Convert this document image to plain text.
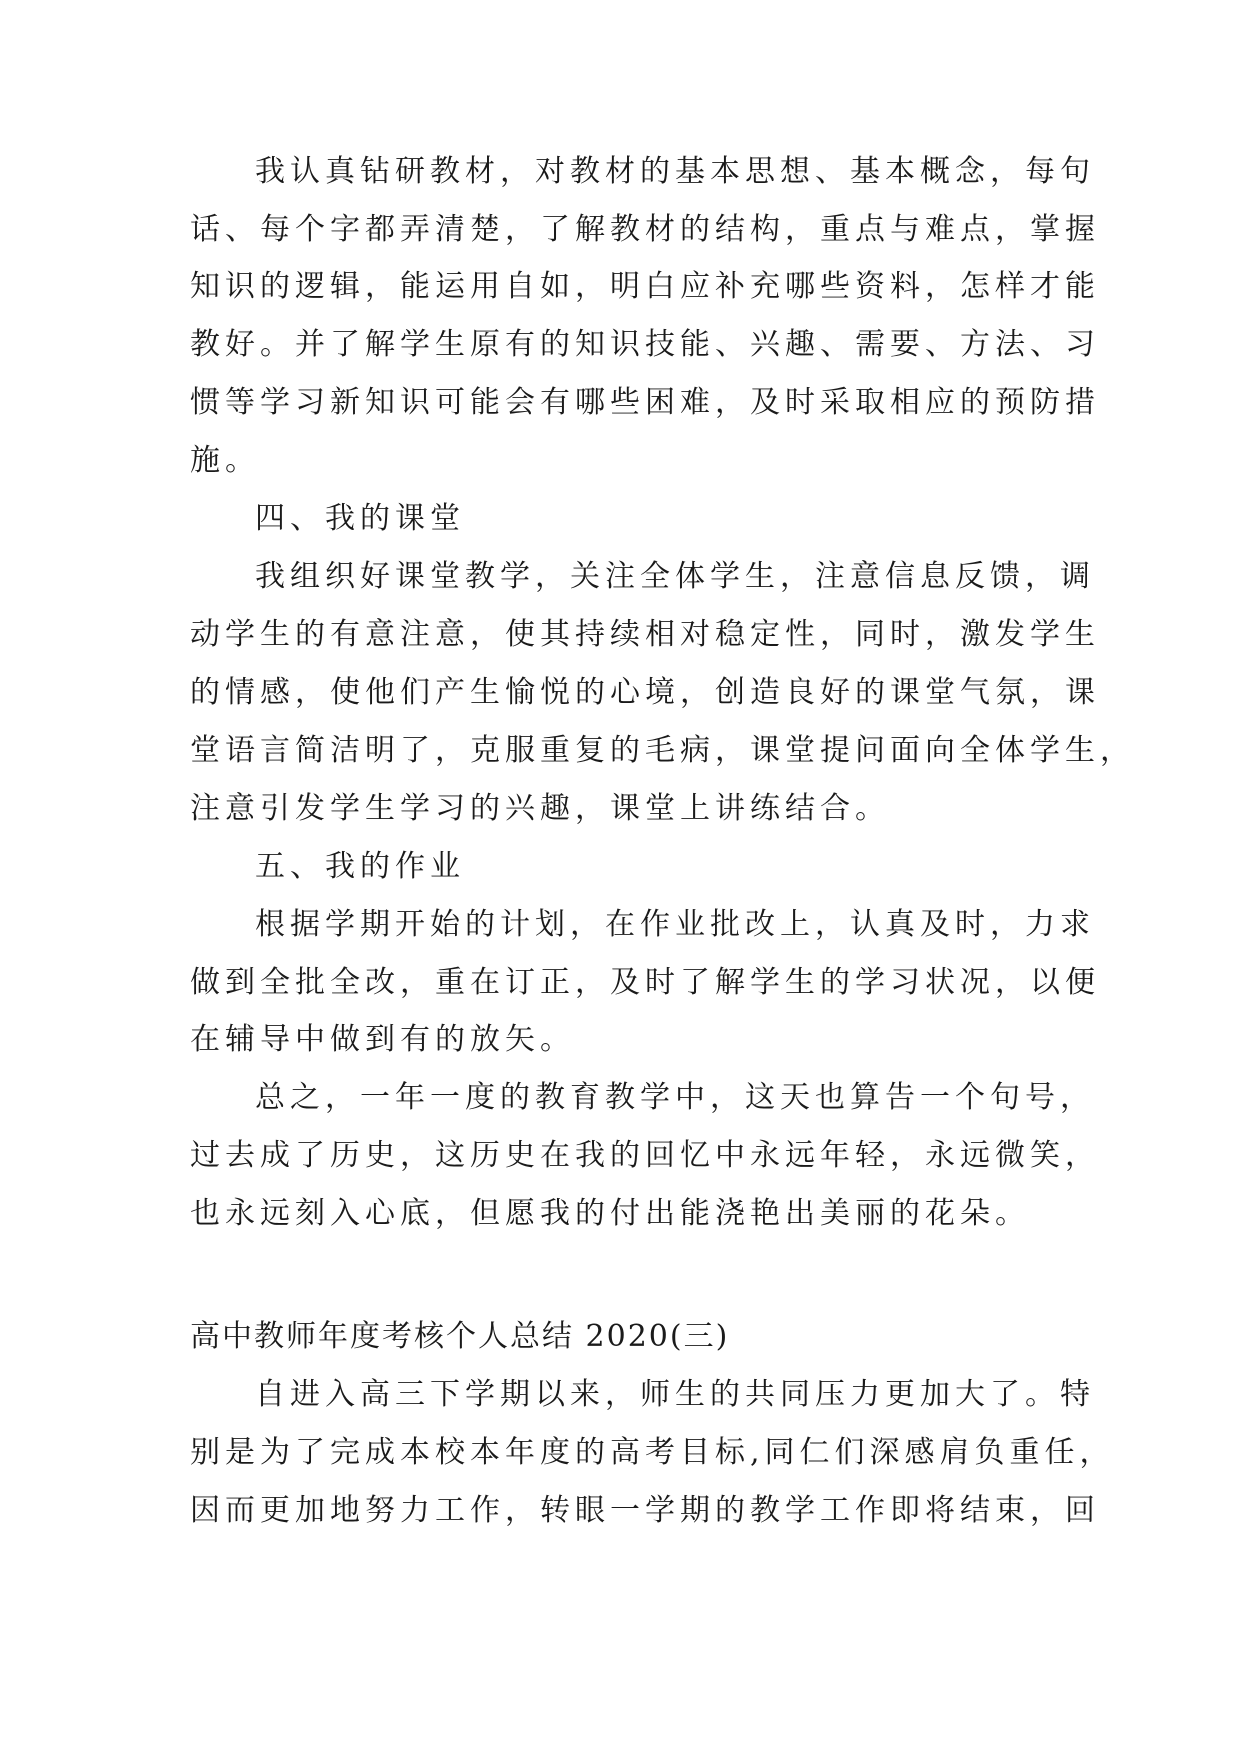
我认真钻研教材，对教材的基本思想、基本概念，每句
话、每个字都弄清楚，了解教材的结构，重点与难点，掌握
知识的逻辑，能运用自如，明白应补充哪些资料，怎样才能
教好。并了解学生原有的知识技能、兴趣、需要、方法、习
惯等学习新知识可能会有哪些困难，及时采取相应的预防措
施。
四、我的课堂
我组织好课堂教学，关注全体学生，注意信息反馈，调
动学生的有意注意，使其持续相对稳定性，同时，激发学生
的情感，使他们产生愉悦的心境，创造良好的课堂气氛，课
堂语言简洁明了，克服重复的毛病，课堂提问面向全体学生，
注意引发学生学习的兴趣，课堂上讲练结合。
五、我的作业
根据学期开始的计划，在作业批改上，认真及时，力求
做到全批全改，重在订正，及时了解学生的学习状况，以便
在辅导中做到有的放矢。
总之，一年一度的教育教学中，这天也算告一个句号，
过去成了历史，这历史在我的回忆中永远年轻，永远微笑，
也永远刻入心底，但愿我的付出能浇艳出美丽的花朵。
高中教师年度考核个人总结 2020(三)
自进入高三下学期以来，师生的共同压力更加大了。特
别是为了完成本校本年度的高考目标,同仁们深感肩负重任，
因而更加地努力工作，转眼一学期的教学工作即将结束，回
